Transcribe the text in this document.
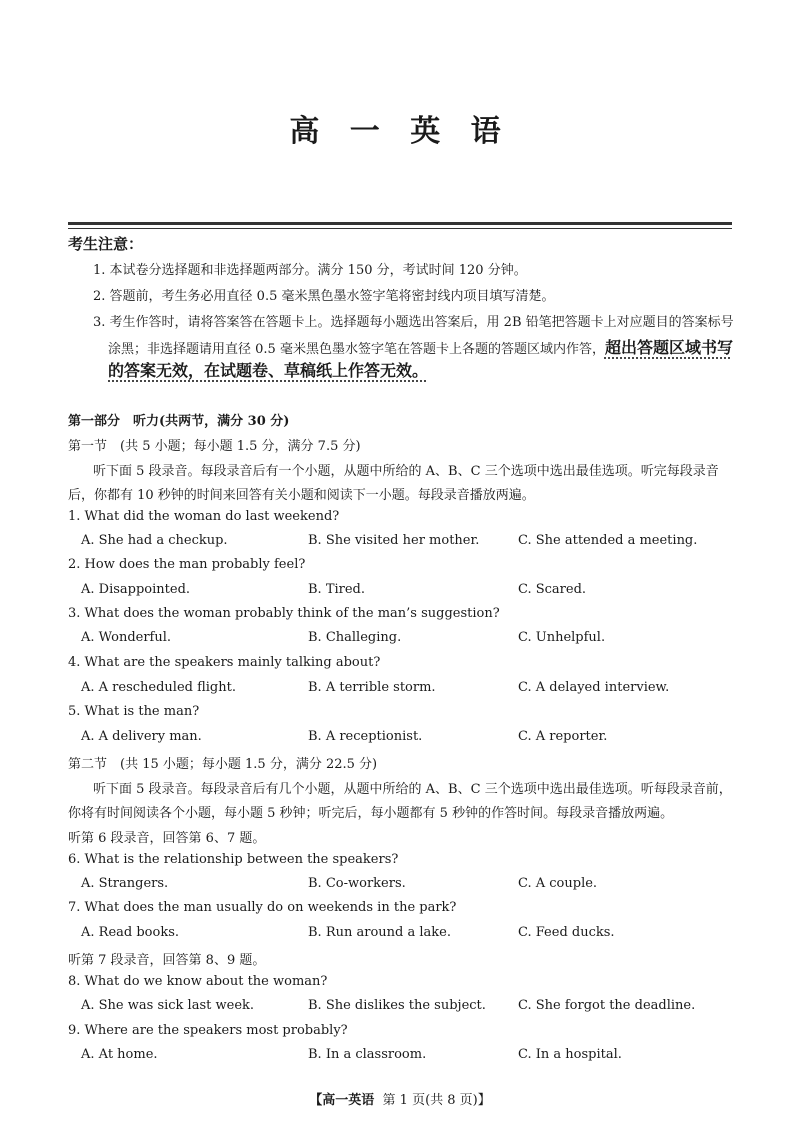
高 一 英 语
考生注意：
1. 本试卷分选择题和非选择题两部分。满分 150 分，考试时间 120 分钟。
2. 答题前，考生务必用直径 0.5 毫米黑色墨水签字笔将密封线内项目填写清楚。
3. 考生作答时，请将答案答在答题卡上。选择题每小题选出答案后，用 2B 铅笔把答题卡上对应题目的答案标号
涂黑；非选择题请用直径 0.5 毫米黑色墨水签字笔在答题卡上各题的答题区域内作答，超出答题区域书写
的答案无效，在试题卷、草稿纸上作答无效。
第一部分　听力(共两节，满分 30 分)
第一节　(共 5 小题；每小题 1.5 分，满分 7.5 分)
听下面 5 段录音。每段录音后有一个小题，从题中所给的 A、B、C 三个选项中选出最佳选项。听完每段录音
后，你都有 10 秒钟的时间来回答有关小题和阅读下一小题。每段录音播放两遍。
1. What did the woman do last weekend?
A. She had a checkup.	B. She visited her mother.	C. She attended a meeting.
2. How does the man probably feel?
A. Disappointed.	B. Tired.	C. Scared.
3. What does the woman probably think of the man’s suggestion?
A. Wonderful.	B. Challeging.	C. Unhelpful.
4. What are the speakers mainly talking about?
A. A rescheduled flight.	B. A terrible storm.	C. A delayed interview.
5. What is the man?
A. A delivery man.	B. A receptionist.	C. A reporter.
第二节　(共 15 小题；每小题 1.5 分，满分 22.5 分)
听下面 5 段录音。每段录音后有几个小题，从题中所给的 A、B、C 三个选项中选出最佳选项。听每段录音前，
你将有时间阅读各个小题，每小题 5 秒钟；听完后，每小题都有 5 秒钟的作答时间。每段录音播放两遍。
听第 6 段录音，回答第 6、7 题。
6. What is the relationship between the speakers?
A. Strangers.	B. Co-workers.	C. A couple.
7. What does the man usually do on weekends in the park?
A. Read books.	B. Run around a lake.	C. Feed ducks.
听第 7 段录音，回答第 8、9 题。
8. What do we know about the woman?
A. She was sick last week.	B. She dislikes the subject. C. She forgot the deadline.
9. Where are the speakers most probably?
A. At home.	B. In a classroom.	C. In a hospital.
【高一英语 第 1 页(共 8 页)】
